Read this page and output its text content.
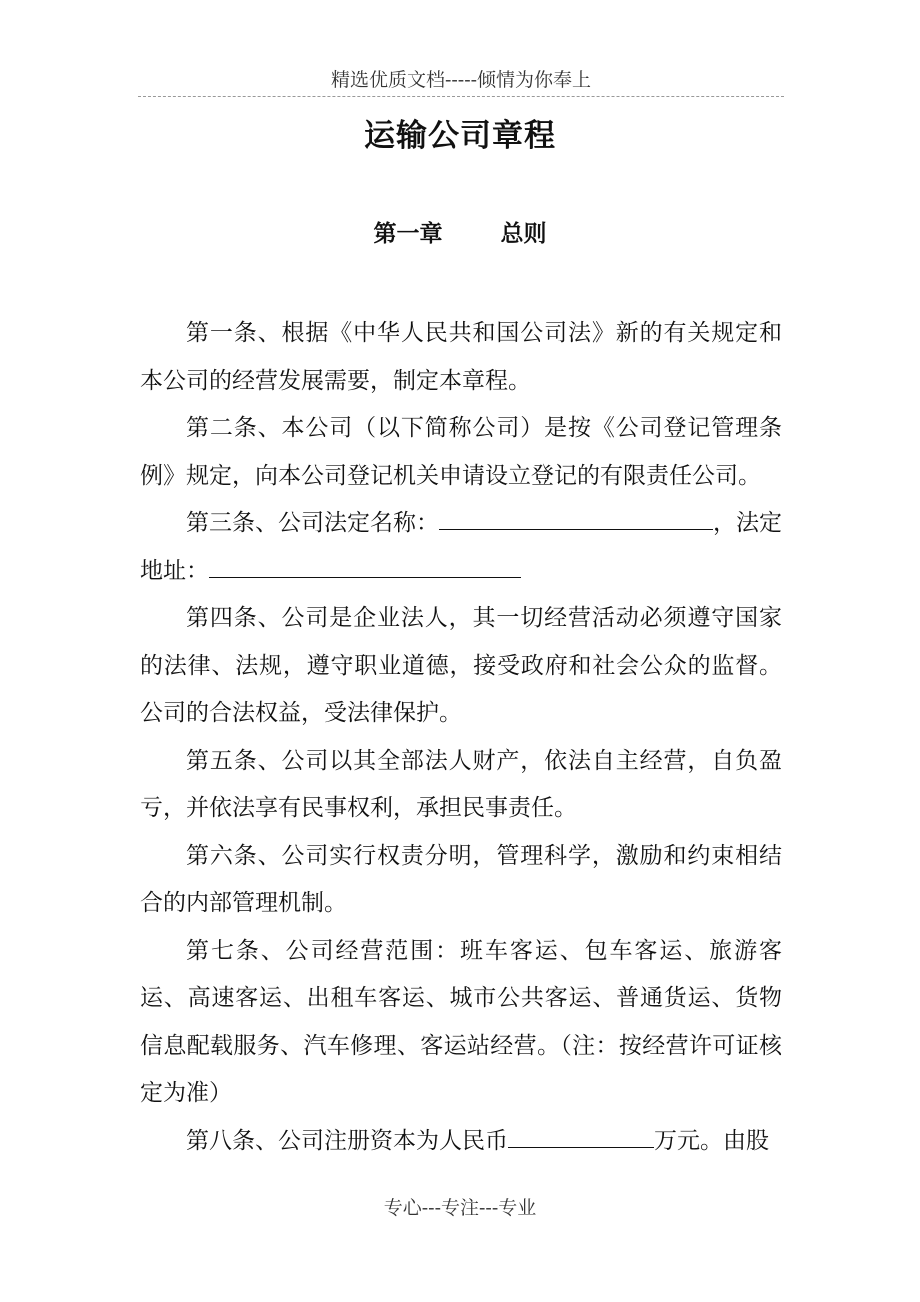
精选优质文档-----倾情为你奉上
运输公司章程
第一章	总则

第一条、根据《中华人民共和国公司法》新的有关规定和本公司的经营发展需要，制定本章程。

第二条、本公司（以下简称公司）是按《公司登记管理条例》规定，向本公司登记机关申请设立登记的有限责任公司。

第三条、公司法定名称：	，法定地址：

第四条、公司是企业法人，其一切经营活动必须遵守国家的法律、法规，遵守职业道德，接受政府和社会公众的监督。公司的合法权益，受法律保护。

第五条、公司以其全部法人财产，依法自主经营，自负盈亏，并依法享有民事权利，承担民事责任。

第六条、公司实行权责分明，管理科学，激励和约束相结合的内部管理机制。

第七条、公司经营范围：班车客运、包车客运、旅游客运、高速客运、出租车客运、城市公共客运、普通货运、货物信息配载服务、汽车修理、客运站经营。（注：按经营许可证核定为准）

第八条、公司注册资本为人民币	万元。由股

专心---专注---专业
